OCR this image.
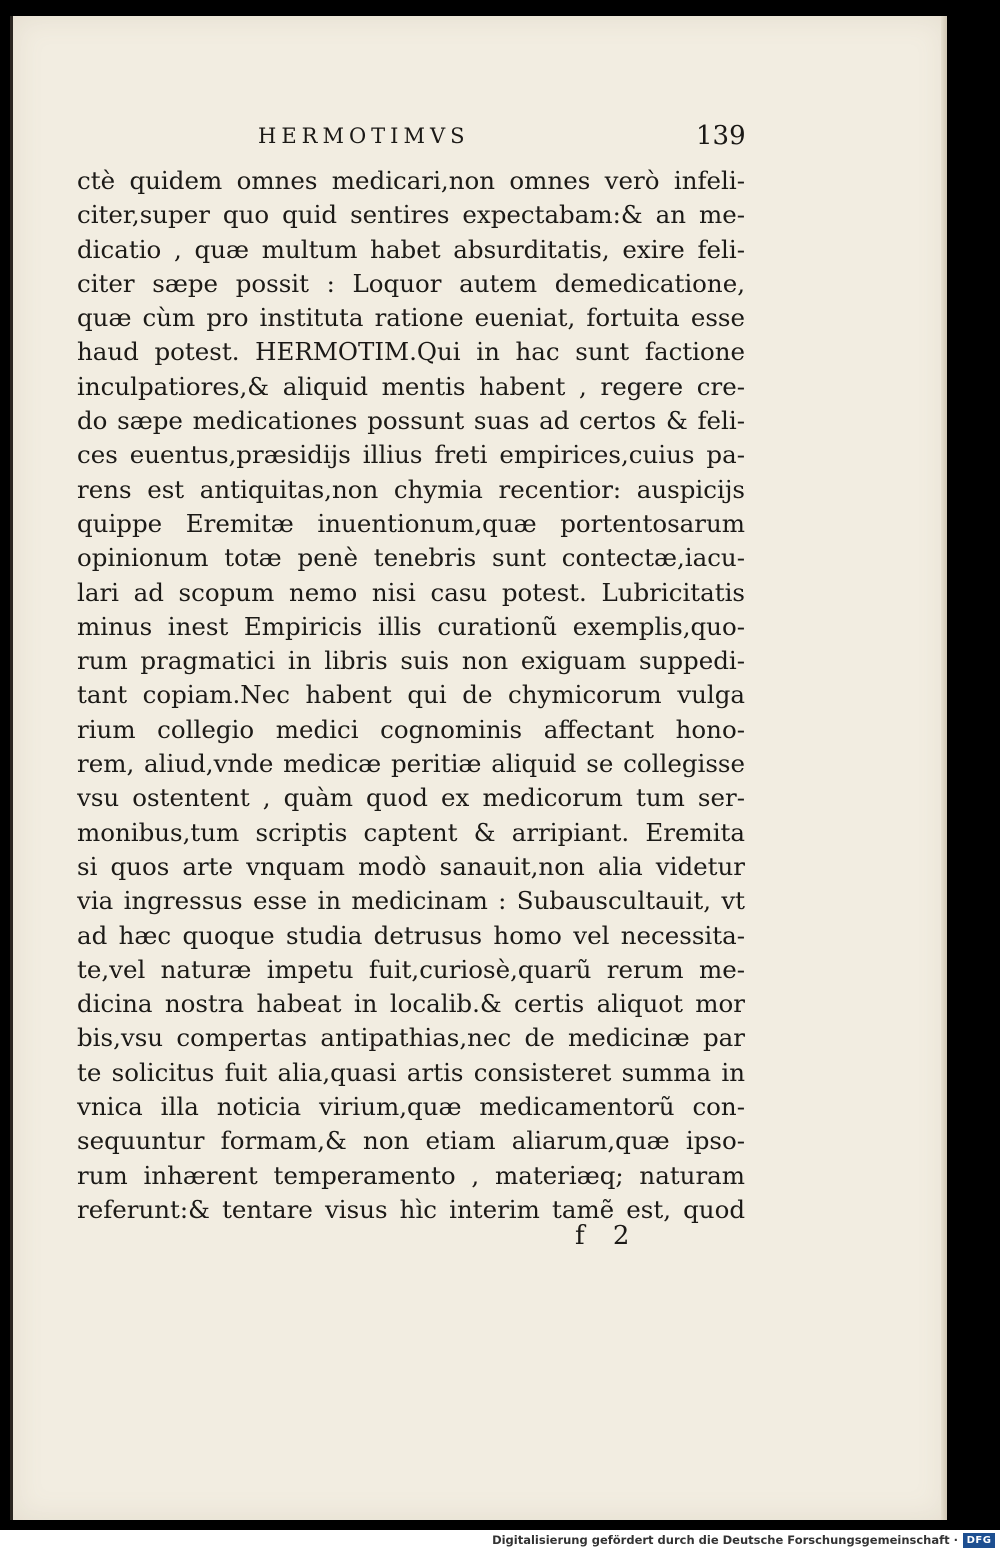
HERMOTIMVS	139
ctè quidem omnes medicari,non omnes verò infeli-
citer,super quo quid sentires expectabam:& an me-
dicatio , quæ multum habet absurditatis, exire feli-
citer sæpe possit : Loquor autem demedicatione,
quæ cùm pro instituta ratione eueniat, fortuita esse
haud potest. HERMOTIM.Qui in hac sunt factione
inculpatiores,& aliquid mentis habent , regere cre-
do sæpe medicationes possunt suas ad certos & feli-
ces euentus,præsidijs illius freti empirices,cuius pa-
rens est antiquitas,non chymia recentior: auspicijs
quippe Eremitæ inuentionum,quæ portentosarum
opinionum totæ penè tenebris sunt contectæ,iacu-
lari ad scopum nemo nisi casu potest. Lubricitatis
minus inest Empiricis illis curationũ exemplis,quo-
rum pragmatici in libris suis non exiguam suppedi-
tant copiam.Nec habent qui de chymicorum vulga
rium collegio medici cognominis affectant hono-
rem, aliud,vnde medicæ peritiæ aliquid se collegisse
vsu ostentent , quàm quod ex medicorum tum ser-
monibus,tum scriptis captent & arripiant. Eremita
si quos arte vnquam modò sanauit,non alia videtur
via ingressus esse in medicinam : Subauscultauit, vt
ad hæc quoque studia detrusus homo vel necessita-
te,vel naturæ impetu fuit,curiosè,quarũ rerum me-
dicina nostra habeat in localib.& certis aliquot mor
bis,vsu compertas antipathias,nec de medicinæ par
te solicitus fuit alia,quasi artis consisteret summa in
vnica illa noticia virium,quæ medicamentorũ con-
sequuntur formam,& non etiam aliarum,quæ ipso-
rum inhærent temperamento , materiæq; naturam
referunt:& tentare visus hìc interim tamẽ est, quod
f 2
Digitalisierung gefördert durch die Deutsche Forschungsgemeinschaft · DFG
